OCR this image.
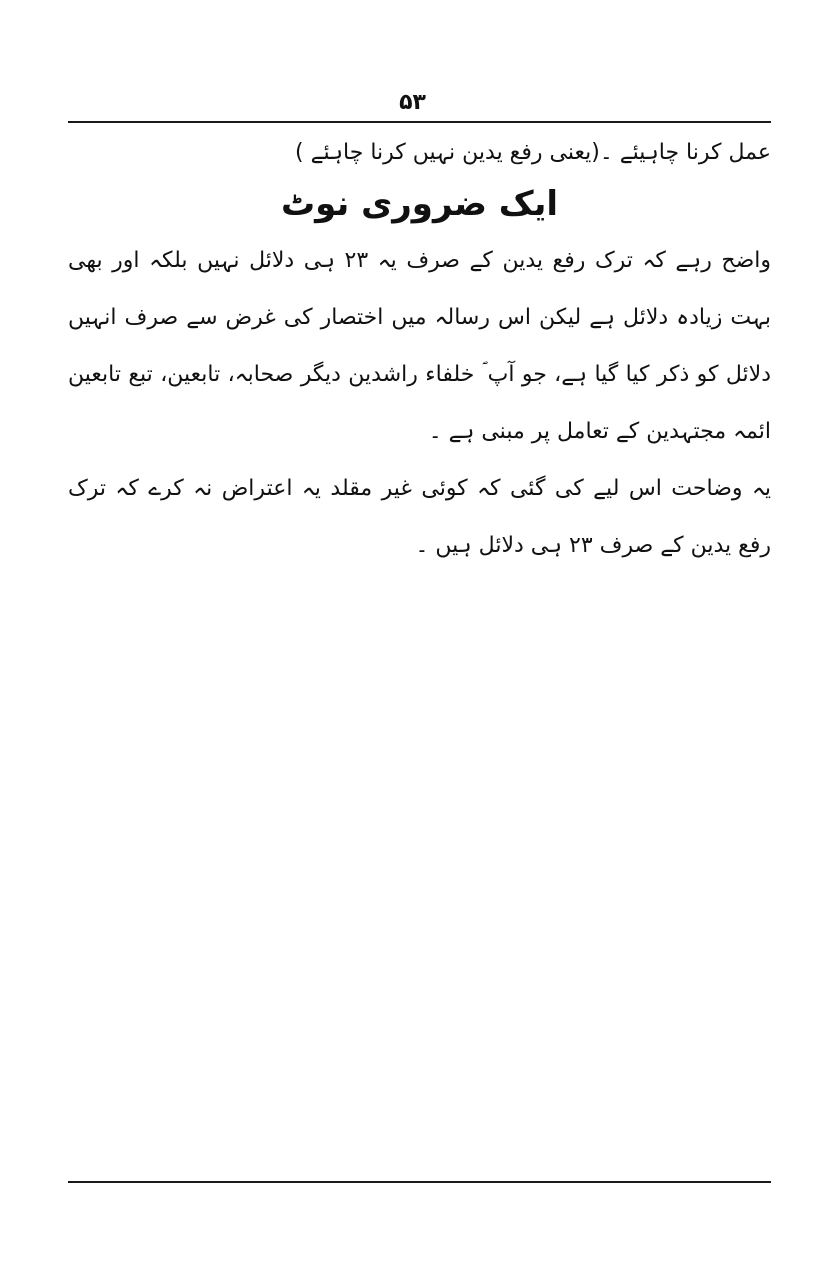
۵۳

عمل کرنا چاہیئے ۔(یعنی رفع یدین نہیں کرنا چاہئے )

ایک ضروری نوٹ

واضح رہے کہ ترک رفع یدین کے صرف یہ ۲۳ ہی دلائل نہیں بلکہ اور بھی بہت زیادہ دلائل ہے لیکن اس رسالہ میں اختصار کی غرض سے صرف انہیں دلائل کو ذکر کیا گیا ہے، جو آپ ؐ خلفاء راشدین دیگر صحابہ، تابعین، تبع تابعین ائمہ مجتہدین کے تعامل پر مبنی ہے ۔

یہ وضاحت اس لیے کی گئی کہ کوئی غیر مقلد یہ اعتراض نہ کرے کہ ترک رفع یدین کے صرف ۲۳ ہی دلائل ہیں ۔
